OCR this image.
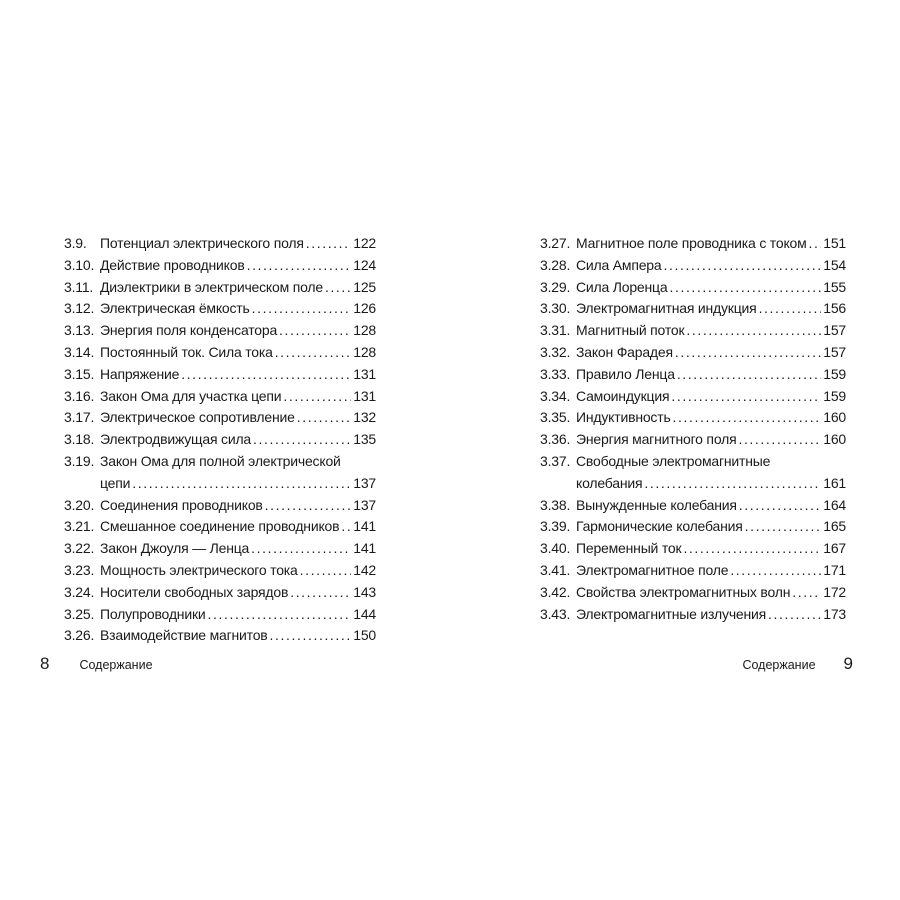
3.9. Потенциал электрического поля .....	122
3.10. Действие проводников .....	124
3.11. Диэлектрики в электрическом поле ..... 125
3.12. Электрическая ёмкость .....	126
3.13. Энергия поля конденсатора .....	128
3.14. Постоянный ток. Сила тока .....	128
3.15. Напряжение .....	131
3.16. Закон Ома для участка цепи .....	131
3.17. Электрическое сопротивление .....	132
3.18. Электродвижущая сила .....	135
3.19. Закон Ома для полной электрической
цепи .....	137
3.20. Соединения проводников .....	137
3.21. Смешанное соединение проводников ..... 141
3.22. Закон Джоуля — Ленца .....	141
3.23. Мощность электрического тока .....	142
3.24. Носители свободных зарядов .....	143
3.25. Полупроводники .....	144
3.26. Взаимодействие магнитов .....	150
8 Содержание
3.27. Магнитное поле проводника с током ..... 151
3.28. Сила Ампера .....	154
3.29. Сила Лоренца .....	155
3.30. Электромагнитная индукция .....	156
3.31. Магнитный поток .....	157
3.32. Закон Фарадея .....	157
3.33. Правило Ленца .....	159
3.34. Самоиндукция .....	159
3.35. Индуктивность .....	160
3.36. Энергия магнитного поля .....	160
3.37. Свободные электромагнитные
колебания .....	161
3.38. Вынужденные колебания .....	164
3.39. Гармонические колебания .....	165
3.40. Переменный ток .....	167
3.41. Электромагнитное поле .....	171
3.42. Свойства электромагнитных волн ..... 172
3.43. Электромагнитные излучения .....	173
Содержание 9
